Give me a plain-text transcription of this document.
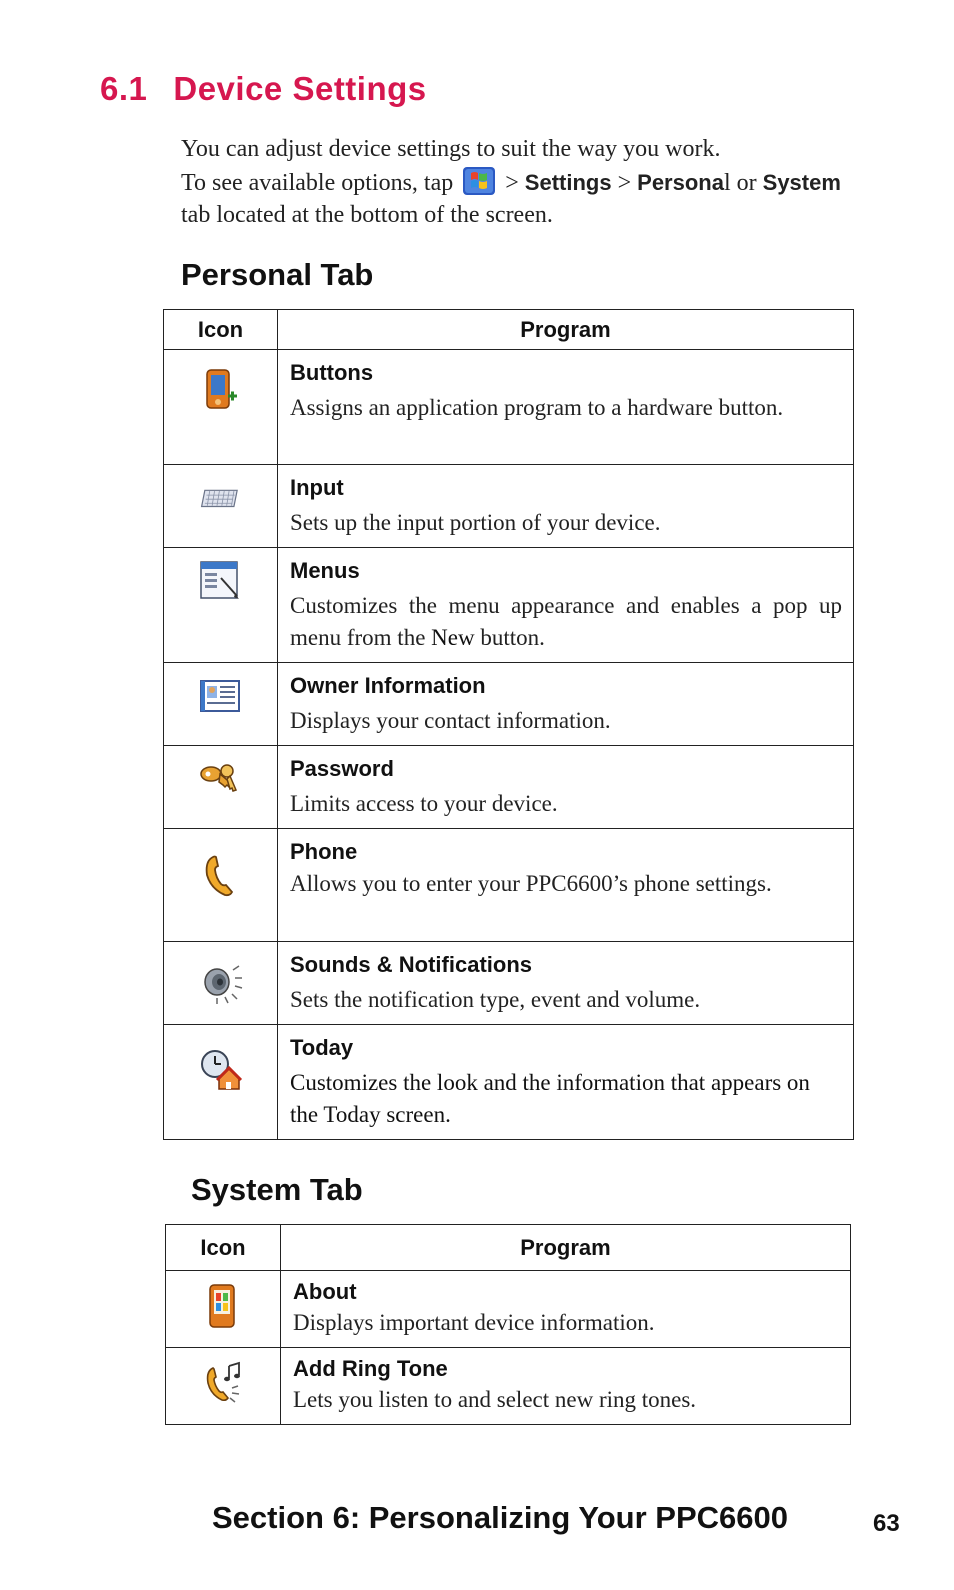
6.1 Device Settings
You can adjust device settings to suit the way you work.
To see available options, tap  > Settings > Personal or System
tab located at the bottom of the screen.
Personal Tab
Icon	Program

Buttons
Assigns an application program to a hardware button.

Input
Sets up the input portion of your device.

Menus
Customizes the menu appearance and enables a pop up menu from the New button.

Owner Information
Displays your contact information.

Password
Limits access to your device.

Phone
Allows you to enter your PPC6600’s phone settings.

Sounds & Notifications
Sets the notification type, event and volume.

Today
Customizes the look and the information that appears on the Today screen.
System Tab
Icon	Program

About
Displays important device information.

Add Ring Tone
Lets you listen to and select new ring tones.
Section 6: Personalizing Your PPC6600	63
